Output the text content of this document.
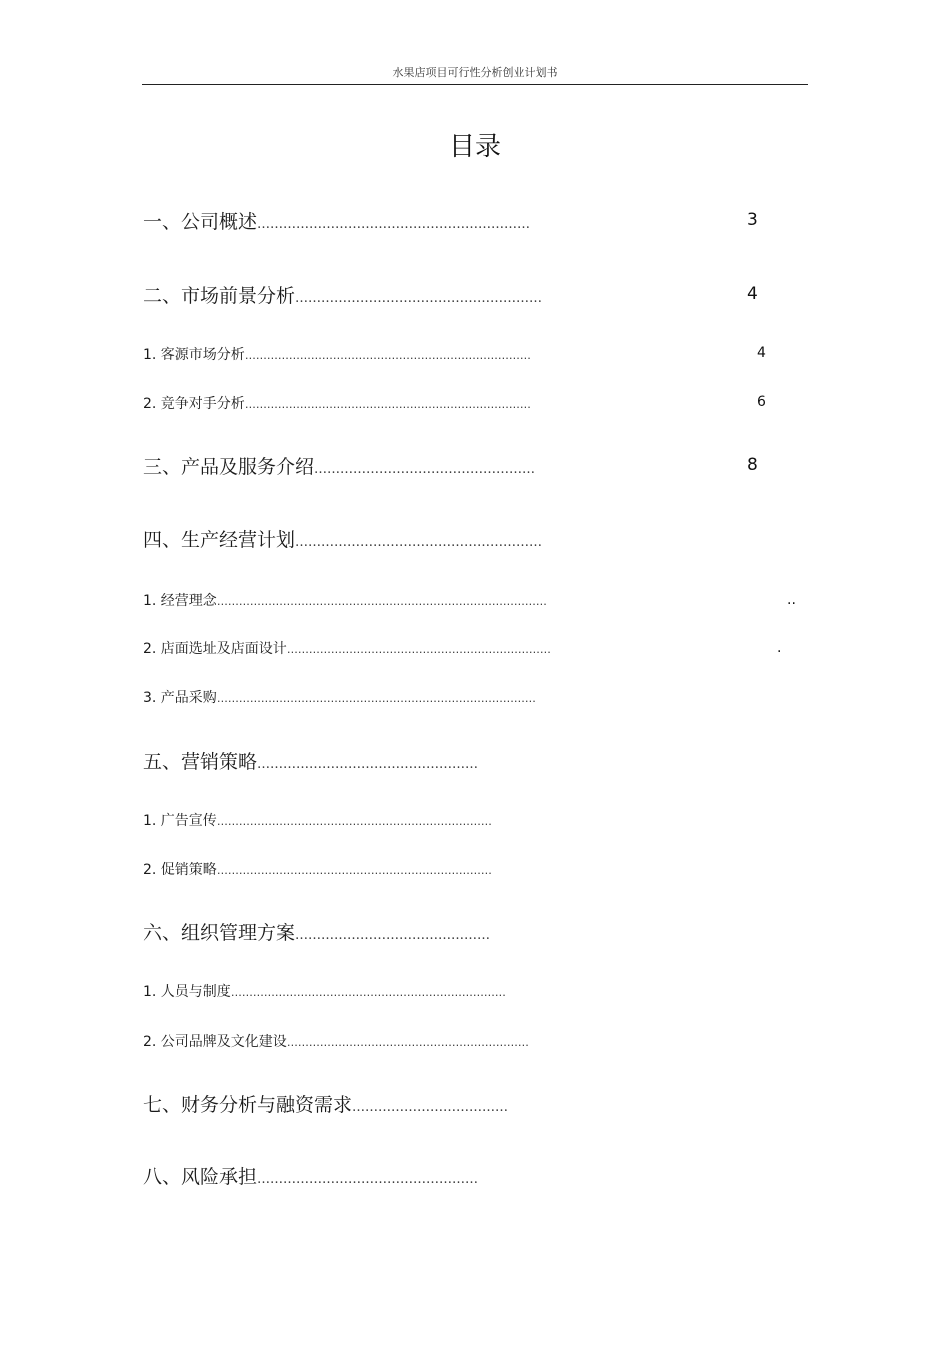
水果店项目可行性分析创业计划书
目录
一、公司概述………………………………………………………	3
二、市场前景分析…………………………………………………	4
1. 客源市场分析……………………………………………………………………	4
2. 竞争对手分析……………………………………………………………………	6
三、产品及服务介绍……………………………………………	8
四、生产经营计划…………………………………………………
1. 经营理念………………………………………………………………………………	..
2. 店面选址及店面设计………………………………………………………………	.
3. 产品采购……………………………………………………………………………
五、营销策略……………………………………………
1. 广告宣传…………………………………………………………………
2. 促销策略…………………………………………………………………
六、组织管理方案………………………………………
1. 人员与制度…………………………………………………………………
2. 公司品牌及文化建设…………………………………………………………
七、财务分析与融资需求………………………………
八、风险承担……………………………………………
